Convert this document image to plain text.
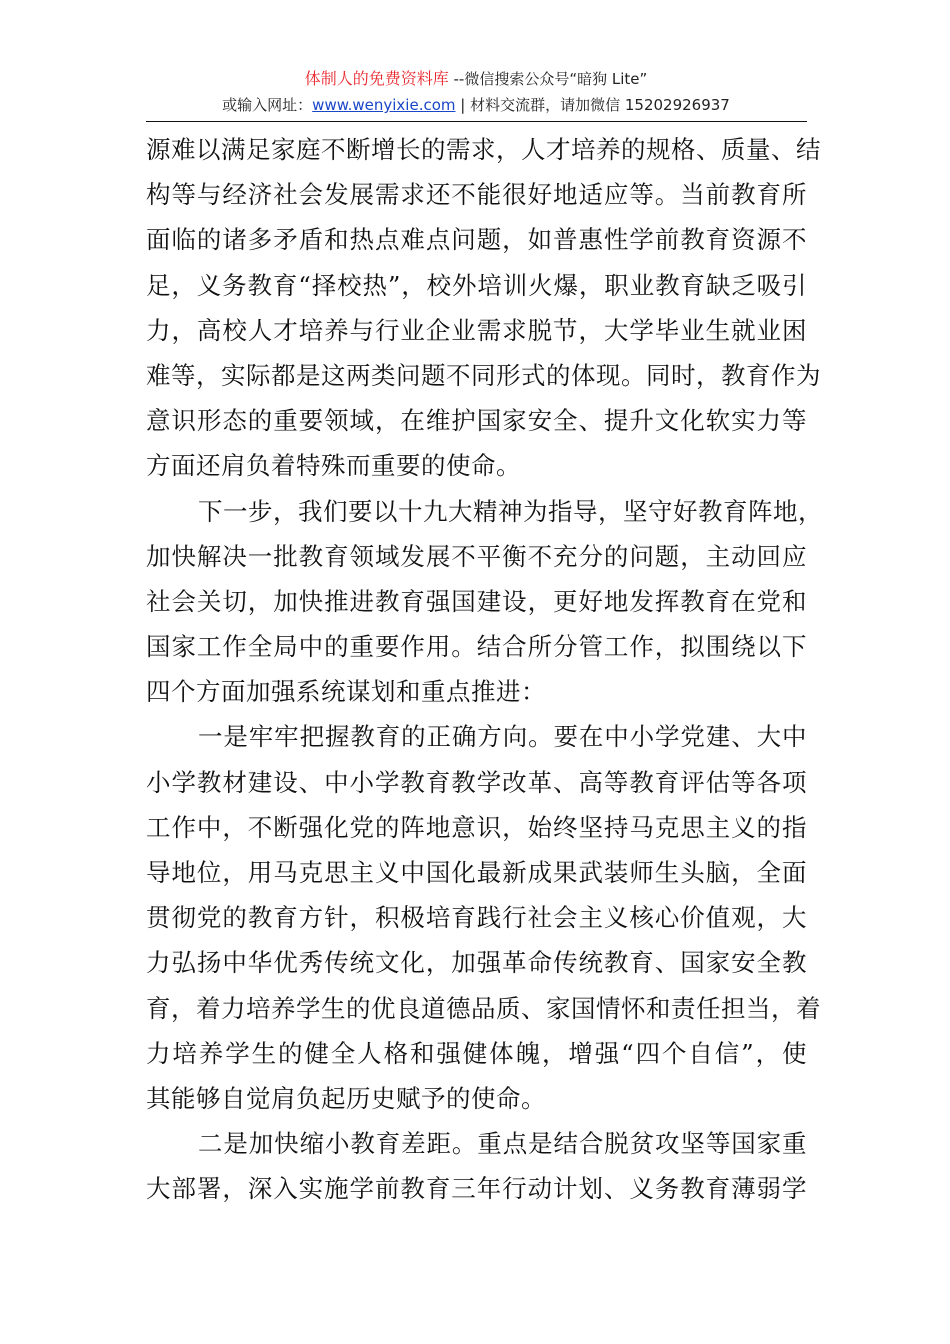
体制人的免费资料库 --微信搜索公众号“暗狗 Lite”
或输入网址：www.wenyixie.com | 材料交流群，请加微信 15202926937
源难以满足家庭不断增长的需求，人才培养的规格、质量、结
构等与经济社会发展需求还不能很好地适应等。当前教育所
面临的诸多矛盾和热点难点问题，如普惠性学前教育资源不
足，义务教育“择校热”，校外培训火爆，职业教育缺乏吸引
力，高校人才培养与行业企业需求脱节，大学毕业生就业困
难等，实际都是这两类问题不同形式的体现。同时，教育作为
意识形态的重要领域，在维护国家安全、提升文化软实力等
方面还肩负着特殊而重要的使命。
下一步，我们要以十九大精神为指导，坚守好教育阵地，
加快解决一批教育领域发展不平衡不充分的问题，主动回应
社会关切，加快推进教育强国建设，更好地发挥教育在党和
国家工作全局中的重要作用。结合所分管工作，拟围绕以下
四个方面加强系统谋划和重点推进：
一是牢牢把握教育的正确方向。要在中小学党建、大中
小学教材建设、中小学教育教学改革、高等教育评估等各项
工作中，不断强化党的阵地意识，始终坚持马克思主义的指
导地位，用马克思主义中国化最新成果武装师生头脑，全面
贯彻党的教育方针，积极培育践行社会主义核心价值观，大
力弘扬中华优秀传统文化，加强革命传统教育、国家安全教
育，着力培养学生的优良道德品质、家国情怀和责任担当，着
力培养学生的健全人格和强健体魄，增强“四个自信”，使
其能够自觉肩负起历史赋予的使命。
二是加快缩小教育差距。重点是结合脱贫攻坚等国家重
大部署，深入实施学前教育三年行动计划、义务教育薄弱学
